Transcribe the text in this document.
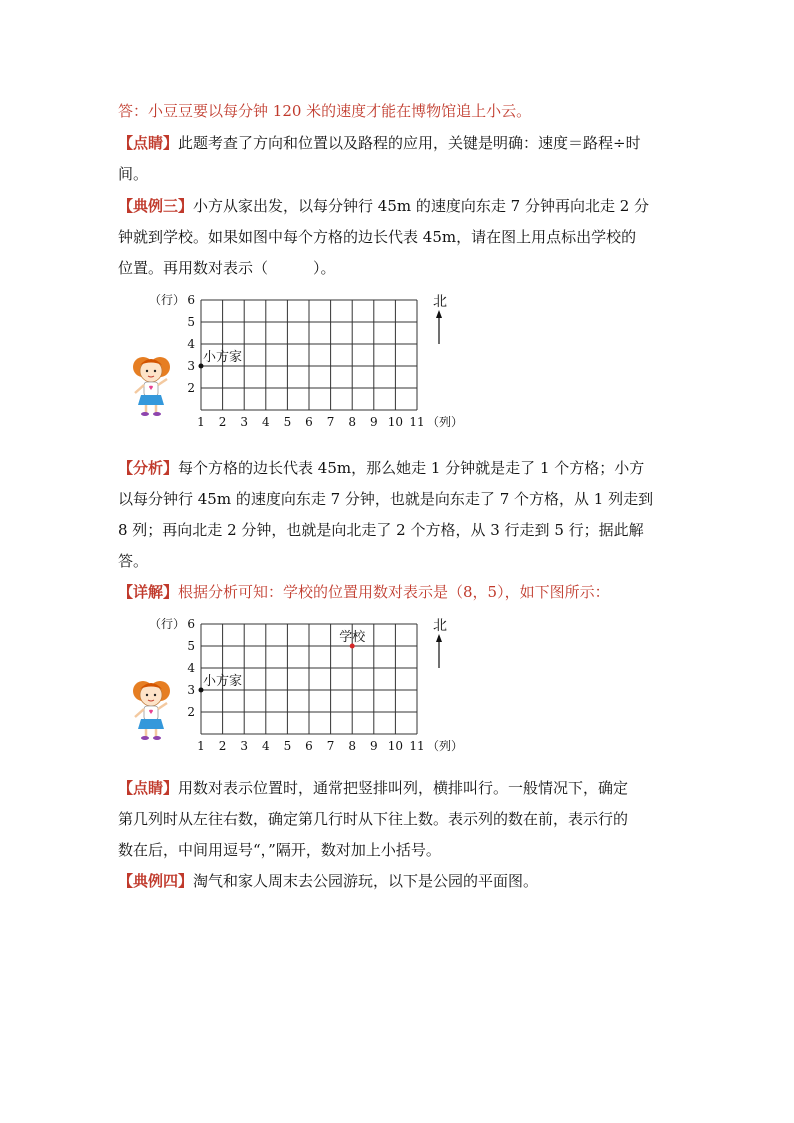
答：小豆豆要以每分钟 120 米的速度才能在博物馆追上小云。
【点睛】此题考查了方向和位置以及路程的应用，关键是明确：速度＝路程÷时
间。
【典例三】小方从家出发，以每分钟行 45m 的速度向东走 7 分钟再向北走 2 分
钟就到学校。如果如图中每个方格的边长代表 45m，请在图上用点标出学校的
位置。再用数对表示（　　　）。
2
3
4
5
6
1 2 3 4 5 6 7 8 9 10 11
（行）
（列）
北
小方家
【分析】每个方格的边长代表 45m，那么她走 1 分钟就是走了 1 个方格；小方
以每分钟行 45m 的速度向东走 7 分钟，也就是向东走了 7 个方格，从 1 列走到
8 列；再向北走 2 分钟，也就是向北走了 2 个方格，从 3 行走到 5 行；据此解
答。
【详解】根据分析可知：学校的位置用数对表示是（8，5），如下图所示：
2
3
4
5
6
1 2 3 4 5 6 7 8 9 10 11
（行）
（列）
北
小方家
学校
【点睛】用数对表示位置时，通常把竖排叫列，横排叫行。一般情况下，确定
第几列时从左往右数，确定第几行时从下往上数。表示列的数在前，表示行的
数在后，中间用逗号“，”隔开，数对加上小括号。
【典例四】淘气和家人周末去公园游玩，以下是公园的平面图。
